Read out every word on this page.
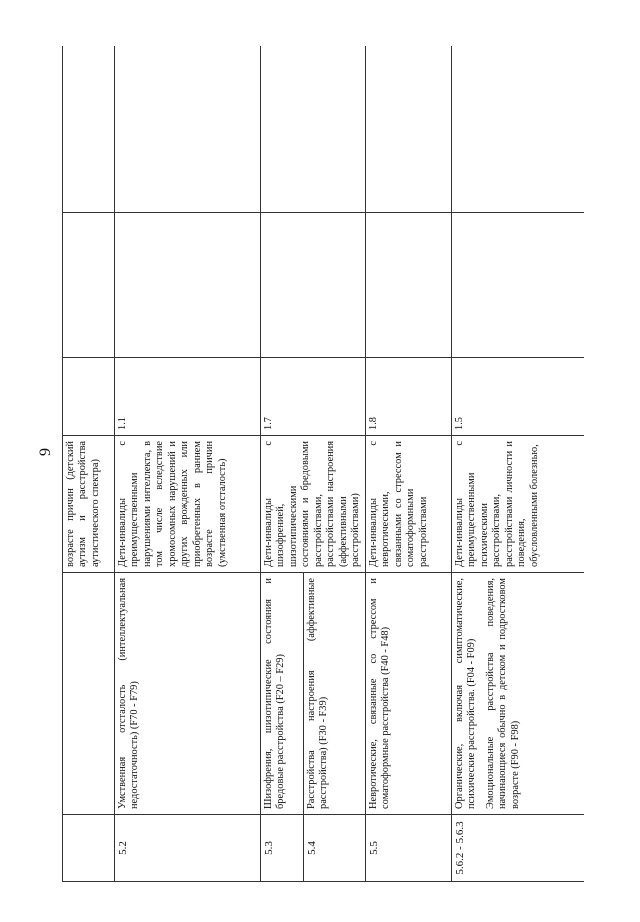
9
			возрасте причин (детский аутизм и расстройства аутистического спектра)			
5.2	Умственная отсталость (интеллектуальная недостаточность) (F70 - F79)	Дети-инвалиды с преимущественными нарушениями интеллекта, в том числе вследствие хромосомных нарушений и других врожденных или приобретенных в раннем возрасте причин (умственная отсталость)	1.1		
5.3	Шизофрения, шизотипические состояния и бредовые расстройства (F20 – F29)	Дети-инвалиды с шизофренией, шизотипическими состояниями и бредовыми расстройствами, расстройствами настроения (аффективными расстройствами)	1.7		
5.4	Расстройства настроения (аффективные расстройства) (F30 - F39)				
5.5	Невротические, связанные со стрессом и соматоформные расстройства (F40 - F48)	Дети-инвалиды с невротическими, связанными со стрессом и соматоформными расстройствами	1.8		
5.6.2 - 5.6.3	Органические, включая симптоматические, психические расстройства. (F04 - F09) Эмоциональные расстройства поведения, начинающиеся обычно в детском и подростковом возрасте (F90 - F98)	Дети-инвалиды с преимущественными психическими расстройствами, расстройствами личности и поведения, обусловленными болезнью,	1.5		
